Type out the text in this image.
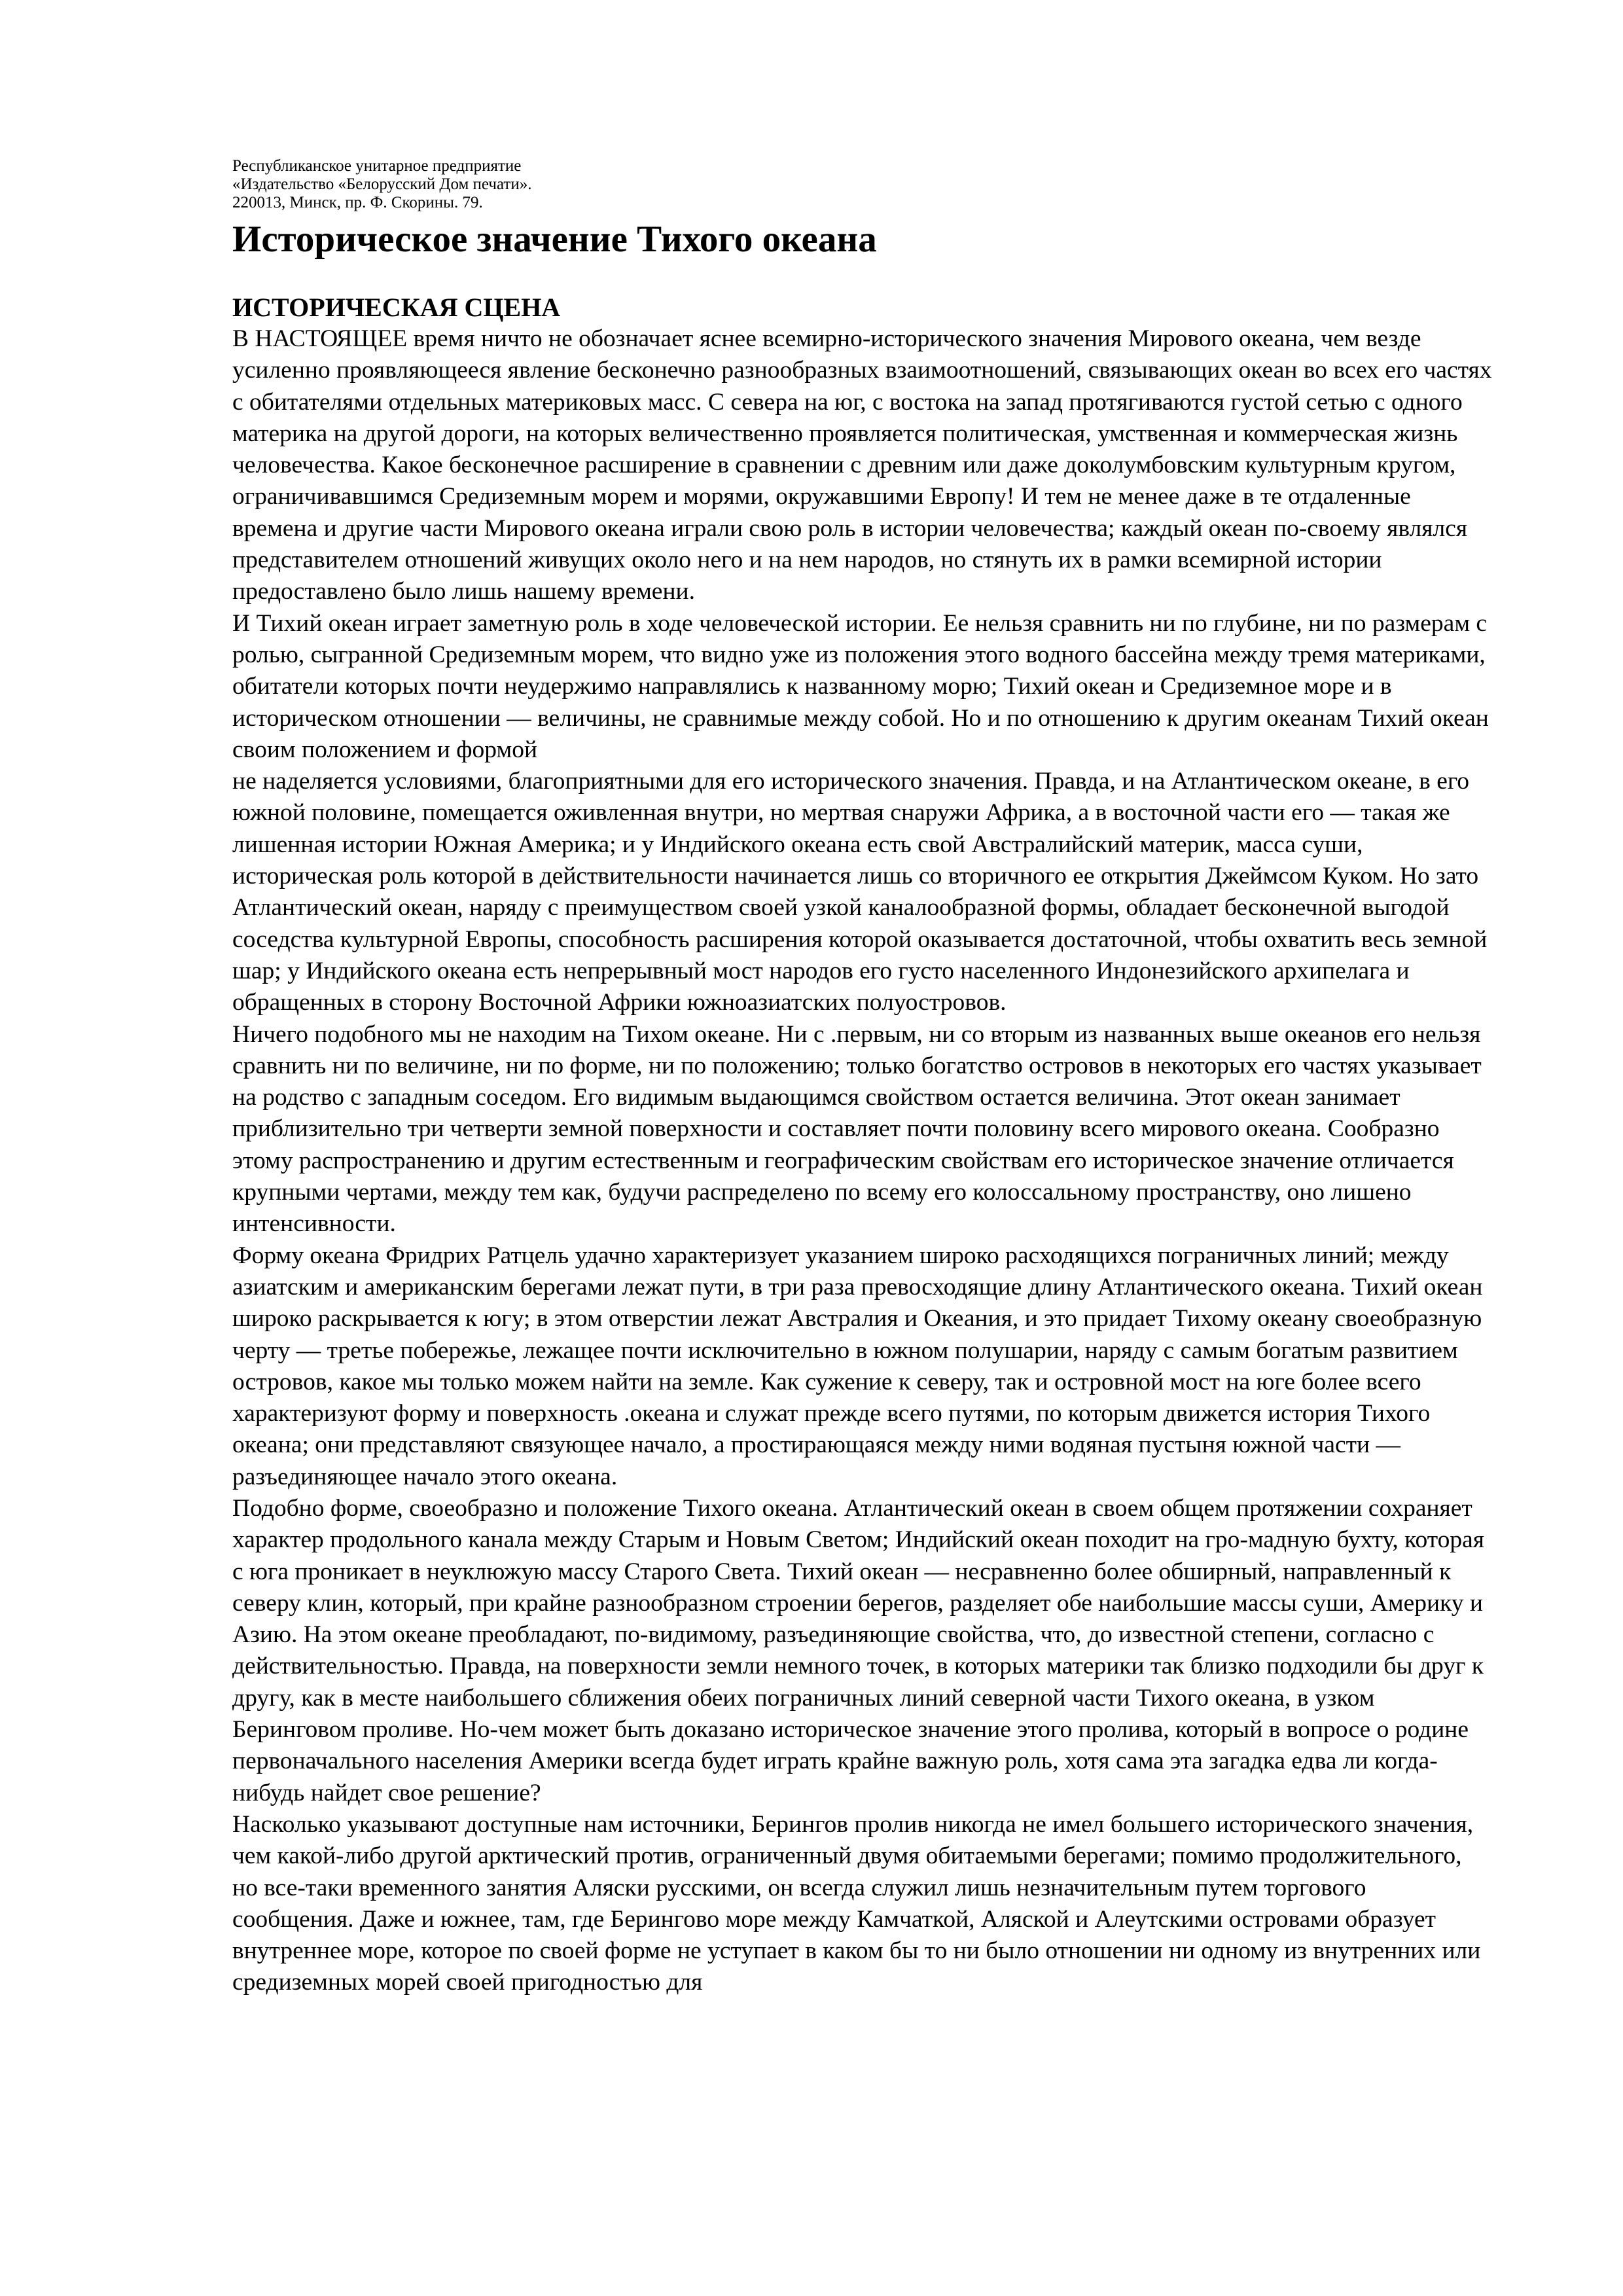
Республиканское унитарное предприятие

«Издательство «Белорусский Дом печати».

220013, Минск, пр. Ф. Скорины. 79.

Историческое значение Тихого океана
ИСТОРИЧЕСКАЯ СЦЕНА

В НАСТОЯЩЕЕ время ничто не обозначает яснее всемирно-исторического значения Мирового океана, чем везде усиленно проявляющееся явление бесконечно разнообразных взаимоотношений, связывающих океан во всех его частях с обитателями отдельных материковых масс. С севера на юг, с востока на запад протягиваются густой сетью с одного материка на другой дороги, на которых величественно проявляется политическая, умственная и коммерческая жизнь человечества. Какое бесконечное расширение в сравнении с древним или даже доколумбовским культурным кругом, ограничивавшимся Средиземным морем и морями, окружавшими Европу! И тем не менее даже в те отдаленные времена и другие части Мирового океана играли свою роль в истории человечества; каждый океан по-своему являлся представителем отношений живущих около него и на нем народов, но стянуть их в рамки всемирной истории предоставлено было лишь нашему времени.

И Тихий океан играет заметную роль в ходе человеческой истории. Ее нельзя сравнить ни по глубине, ни по размерам с ролью, сыгранной Средиземным морем, что видно уже из положения этого водного бассейна между тремя материками, обитатели которых почти неудержимо направлялись к названному морю; Тихий океан и Средиземное море и в историческом отношении — величины, не сравнимые между собой. Но и по отношению к другим океанам Тихий океан своим положением и формой

не наделяется условиями, благоприятными для его исторического значения. Правда, и на Атлантическом океане, в его южной половине, помещается оживленная внутри, но мертвая снаружи Африка, а в восточной части его — такая же лишенная истории Южная Америка; и у Индийского океана есть свой Австралийский материк, масса суши, историческая роль которой в действительности начинается лишь со вторичного ее открытия Джеймсом Куком. Но зато Атлантический океан, наряду с преимуществом своей узкой каналообразной формы, обладает бесконечной выгодой соседства культурной Европы, способность расширения которой оказывается достаточной, чтобы охватить весь земной шар; у Индийского океана есть непрерывный мост народов его густо населенного Индонезийского архипелага и обращенных в сторону Восточной Африки южноазиатских полуостровов.

Ничего подобного мы не находим на Тихом океане. Ни с .первым, ни со вторым из названных выше океанов его нельзя сравнить ни по величине, ни по форме, ни по положению; только богатство островов в некоторых его частях указывает на родство с западным соседом. Его видимым выдающимся свойством остается величина. Этот океан занимает приблизительно три четверти земной поверхности и составляет почти половину всего мирового океана. Сообразно этому распространению и другим естественным и географическим свойствам его историческое значение отличается крупными чертами, между тем как, будучи распределено по всему его колоссальному пространству, оно лишено интенсивности.

Форму океана Фридрих Ратцель удачно характеризует указанием широко расходящихся пограничных линий; между азиатским и американским берегами лежат пути, в три раза превосходящие длину Атлантического океана. Тихий океан широко раскрывается к югу; в этом отверстии лежат Австралия и Океания, и это придает Тихому океану своеобразную черту — третье побережье, лежащее почти исключительно в южном полушарии, наряду с самым богатым развитием островов, какое мы только можем найти на земле. Как сужение к северу, так и островной мост на юге более всего характеризуют форму и поверхность .океана и служат прежде всего путями, по которым движется история Тихого океана; они представляют связующее начало, а простирающаяся между ними водяная пустыня южной части — разъединяющее начало этого океана.

Подобно форме, своеобразно и положение Тихого океана. Атлантический океан в своем общем протяжении сохраняет характер продольного канала между Старым и Новым Светом; Индийский океан походит на гро-мадную бухту, которая с юга проникает в неуклюжую массу Старого Света. Тихий океан — несравненно более обширный, направленный к северу клин, который, при крайне разнообразном строении берегов, разделяет обе наибольшие массы суши, Америку и Азию. На этом океане преобладают, по-видимому, разъединяющие свойства, что, до известной степени, согласно с действительностью. Правда, на поверхности земли немного точек, в которых материки так близко подходили бы друг к другу, как в месте наибольшего сближения обеих пограничных линий северной части Тихого океана, в узком Беринговом проливе. Но-чем может быть доказано историческое значение этого пролива, который в вопросе о родине первоначального населения Америки всегда будет играть крайне важную роль, хотя сама эта загадка едва ли когда-нибудь найдет свое решение?

Насколько указывают доступные нам источники, Берингов пролив никогда не имел большего исторического значения, чем какой-либо другой арктический против, ограниченный двумя обитаемыми берегами; помимо продолжительного, но все-таки временного занятия Аляски русскими, он всегда служил лишь незначительным путем торгового сообщения. Даже и южнее, там, где Берингово море между Камчаткой, Аляской и Алеутскими островами образует внутреннее море, которое по своей форме не уступает в каком бы то ни было отношении ни одному из внутренних или средиземных морей своей пригодностью для
